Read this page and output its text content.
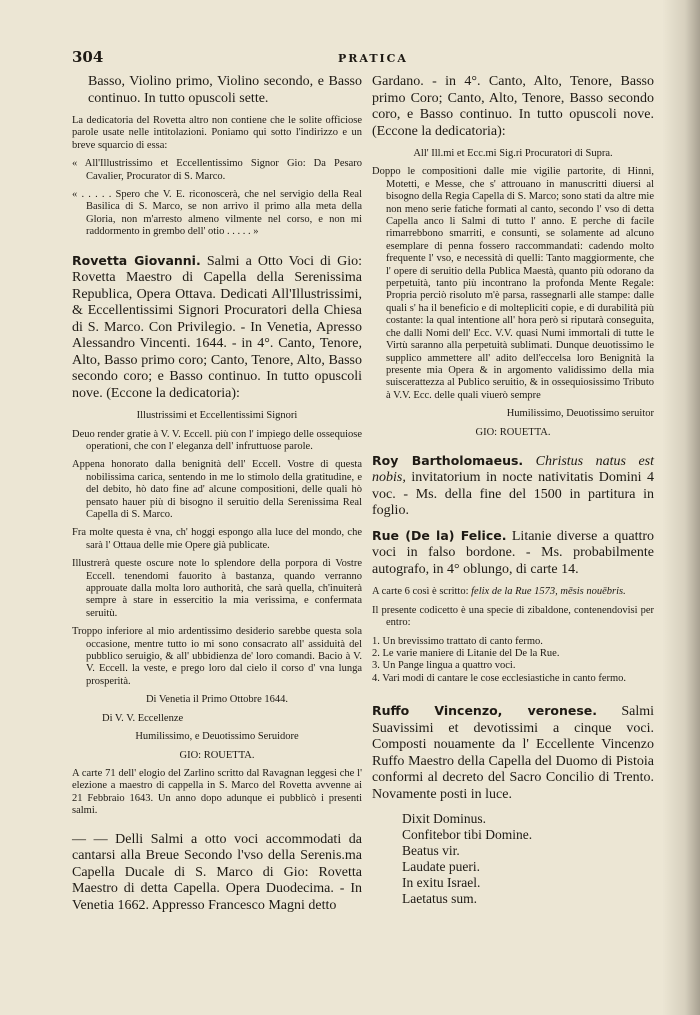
304	PRATICA

Basso, Violino primo, Violino secondo, e Basso continuo. In tutto opuscoli sette.

La dedicatoria del Rovetta altro non contiene che le solite officiose parole usate nelle intitolazioni. Poniamo qui sotto l'indirizzo e un breve squarcio di essa:

« All'Illustrissimo et Eccellentissimo Signor Gio: Da Pesaro Cavalier, Procurator di S. Marco.

« . . . . . Spero che V. E. riconoscerà, che nel servigio della Real Basilica di S. Marco, se non arrivo il primo alla meta della Gloria, non m'arresto almeno vilmente nel corso, e non mi raddormento in grembo dell' otio . . . . . »

Rovetta Giovanni. Salmi a Otto Voci di Gio: Rovetta Maestro di Capella della Serenissima Republica, Opera Ottava. Dedicati All'Illustrissimi, & Eccellentissimi Signori Procuratori della Chiesa di S. Marco. Con Privilegio. - In Venetia, Apresso Alessandro Vincenti. 1644. - in 4°. Canto, Tenore, Alto, Basso primo coro; Canto, Tenore, Alto, Basso secondo coro; e Basso continuo. In tutto opuscoli nove. (Eccone la dedicatoria):

Illustrissimi et Eccellentissimi Signori

Deuo render gratie à V. V. Eccell. più con l' impiego delle ossequiose operationi, che con l' eleganza dell' infruttuose parole.

Appena honorato dalla benignità dell' Eccell. Vostre di questa nobilissima carica, sentendo in me lo stimolo della gratitudine, e del debito, hò dato fine ad' alcune compositioni, delle quali hò pensato hauer più di bisogno il seruitio della Serenissima Real Capella di S. Marco.

Fra molte questa è vna, ch' hoggi espongo alla luce del mondo, che sarà l' Ottaua delle mie Opere già publicate.

Illustrerà queste oscure note lo splendore della porpora di Vostre Eccell. tenendomi fauorito à bastanza, quando verranno approuate dalla molta loro authorità, che sarà quella, ch'inuiterà sempre à stare in essercitio la mia verissima, e confermata seruitù.

Troppo inferiore al mio ardentissimo desiderio sarebbe questa sola occasione, mentre tutto io mi sono consacrato all' assiduità del pubblico seruigio, & all' ubbidienza de' loro comandi. Bacio à V. V. Eccell. la veste, e prego loro dal cielo il corso d' vna lunga prosperità.

Di Venetia il Primo Ottobre 1644.

Di V. V. Eccellenze

Humilissimo, e Deuotissimo Seruidore

GIO: ROUETTA.

A carte 71 dell' elogio del Zarlino scritto dal Ravagnan leggesi che l' elezione a maestro di cappella in S. Marco del Rovetta avvenne ai 21 Febbraio 1643. Un anno dopo adunque ei pubblicò i presenti salmi.

— — Delli Salmi a otto voci accommodati da cantarsi alla Breue Secondo l'vso della Serenis.ma Capella Ducale di S. Marco di Gio: Rovetta Maestro di detta Capella. Opera Duodecima. - In Venetia 1662. Appresso Francesco Magni detto

Gardano. - in 4°. Canto, Alto, Tenore, Basso primo Coro; Canto, Alto, Tenore, Basso secondo coro, e Basso continuo. In tutto opuscoli nove. (Eccone la dedicatoria):

All' Ill.mi et Ecc.mi Sig.ri Procuratori di Supra.

Doppo le compositioni dalle mie vigilie partorite, di Hinni, Motetti, e Messe, che s' attrouano in manuscritti diuersi al bisogno della Regia Capella di S. Marco; sono stati da altre mie non meno serie fatiche formati al canto, secondo l' vso di detta Capella anco li Salmi di tutto l' anno. E perche di facile rimarrebbono smarriti, e consunti, se solamente ad alcuno esemplare di penna fossero raccommandati: cadendo molto frequente l' vso, e necessità di quelli: Tanto maggiormente, che l' opere di seruitio della Publica Maestà, quanto più odorano da perpetuità, tanto più incontrano la profonda Mente Regale: Propria perciò risoluto m'è parsa, rassegnarli alle stampe: dalle quali s' ha il beneficio e di moltepliciti copie, e di durabilità più costante: la qual intentione all' hora però si riputarà conseguita, che dalli Nomi dell' Ecc. V.V. quasi Numi immortali di tutte le Virtù saranno alla perpetuità sublimati. Dunque deuotissimo le supplico ammettere all' adito dell'eccelsa loro Benignità la presente mia Opera & in argomento validissimo della mia suiscerattezza al Publico seruitio, & in ossequiosissimo Tributo à V.V. Ecc. delle quali viuerò sempre

Humilissimo, Deuotissimo seruitor

GIO: ROUETTA.

Roy Bartholomaeus. Christus natus est nobis, invitatorium in nocte nativitatis Domini 4 voc. - Ms. della fine del 1500 in partitura in foglio.

Rue (De la) Felice. Litanie diverse a quattro voci in falso bordone. - Ms. probabilmente autografo, in 4° oblungo, di carte 14.

A carte 6 così è scritto: felix de la Rue 1573, mēsis nouēbris.

Il presente codicetto è una specie di zibaldone, contenendovisi per entro:

1. Un brevissimo trattato di canto fermo.

2. Le varie maniere di Litanie del De la Rue.

3. Un Pange lingua a quattro voci.

4. Vari modi di cantare le cose ecclesiastiche in canto fermo.

Ruffo Vincenzo, veronese. Salmi Suavissimi et devotissimi a cinque voci. Composti nouamente da l' Eccellente Vincenzo Ruffo Maestro della Capella del Duomo di Pistoia conformi al decreto del Sacro Concilio di Trento. Novamente posti in luce.

Dixit Dominus.
Confitebor tibi Domine.
Beatus vir.
Laudate pueri.
In exitu Israel.
Laetatus sum.
